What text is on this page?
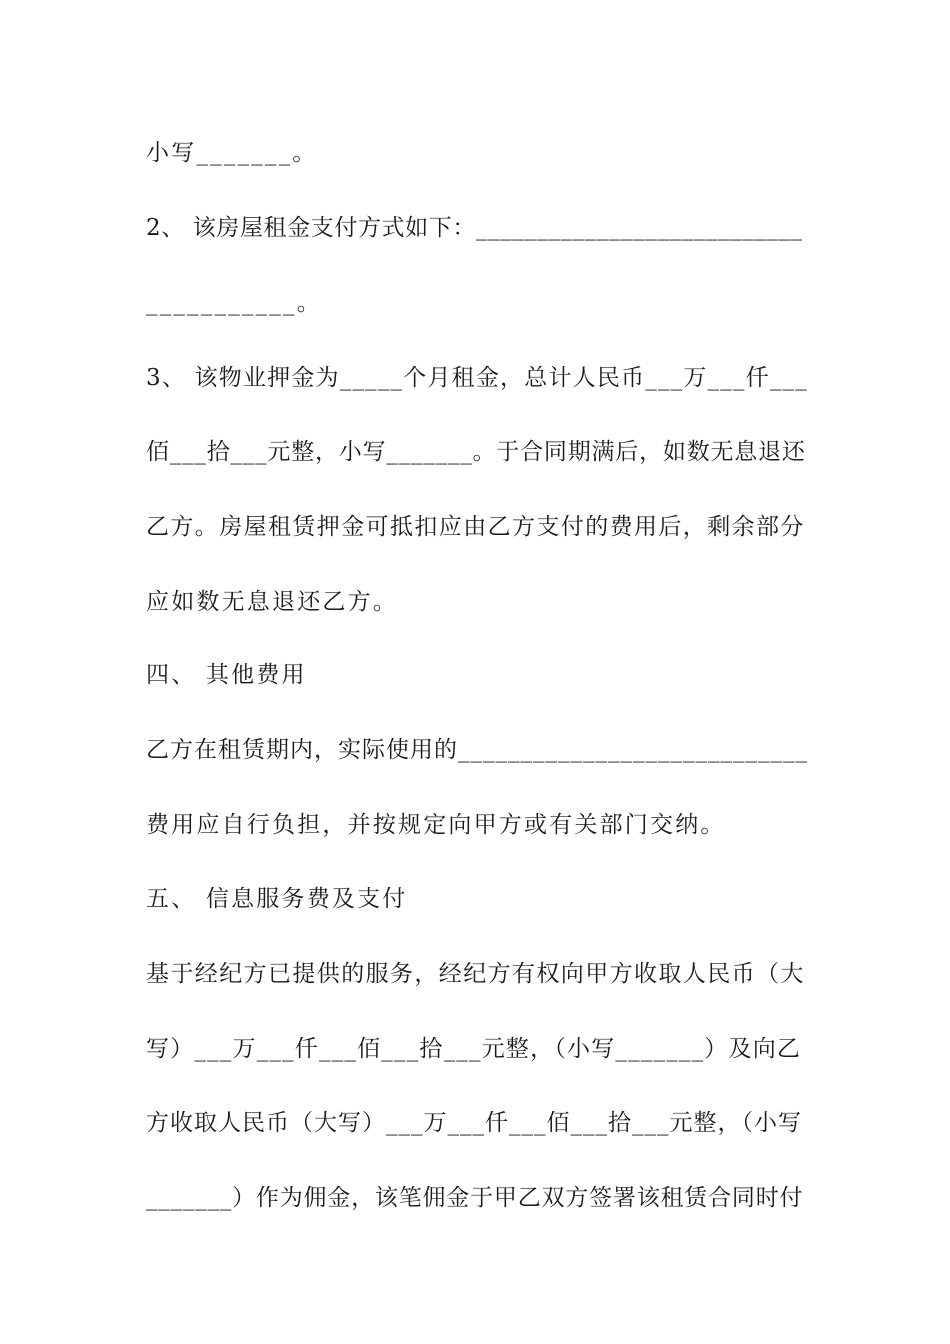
小写_______。
2、 该房屋租金支付方式如下：___________________________
___________。
3、 该物业押金为_____个月租金，总计人民币___万___仟___
佰___拾___元整，小写_______。于合同期满后，如数无息退还
乙方。房屋租赁押金可抵扣应由乙方支付的费用后，剩余部分
应如数无息退还乙方。
四、 其他费用
乙方在租赁期内，实际使用的____________________________
费用应自行负担，并按规定向甲方或有关部门交纳。
五、 信息服务费及支付
基于经纪方已提供的服务，经纪方有权向甲方收取人民币（大
写）___万___仟___佰___拾___元整，（小写_______）及向乙
方收取人民币（大写）___万___仟___佰___拾___元整，（小写
_______）作为佣金，该笔佣金于甲乙双方签署该租赁合同时付
